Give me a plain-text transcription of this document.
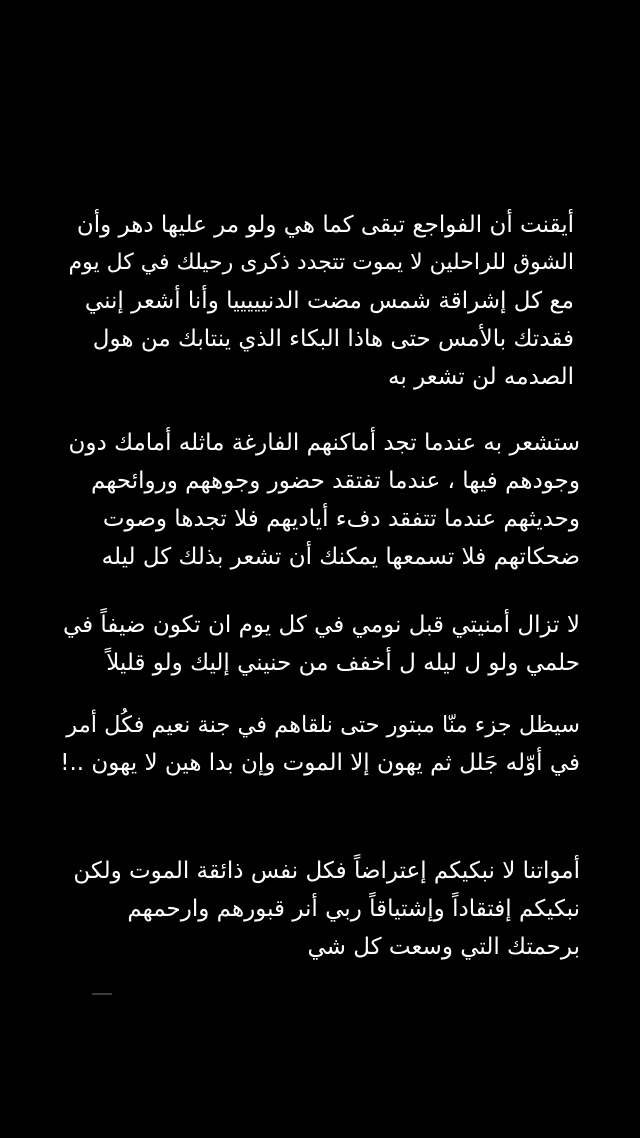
أيقنت أن الفواجع تبقى كما هي ولو مر عليها دهر وأن
الشوق للراحلين لا يموت تتجدد ذكرى رحيلك في كل يوم
مع كل إشراقة شمس مضت الدنيييييا وأنا أشعر إنني
فقدتك بالأمس حتى هاذا البكاء الذي ينتابك من هول
الصدمه لن تشعر به
ستشعر به عندما تجد أماكنهم الفارغة ماثله أمامك دون
وجودهم فيها ، عندما تفتقد حضور وجوههم وروائحهم
وحديثهم عندما تتفقد دفء أياديهم فلا تجدها وصوت
ضحكاتهم فلا تسمعها يمكنك أن تشعر بذلك كل ليله
لا تزال أمنيتي قبل نومي في كل يوم ان تكون ضيفاً في
حلمي ولو ل ليله ل أخفف من حنيني إليك ولو قليلاً
سيظل جزء منّا مبتور حتى نلقاهم في جنة نعيم فكُل أمر
في أوّله جَلل ثم يهون إلا الموت وإن بدا هين لا يهون ..!
أمواتنا لا نبكيكم إعتراضاً فكل نفس ذائقة الموت ولكن
نبكيكم إفتقاداً وإشتياقاً ربي أنر قبورهم وارحمهم
برحمتك التي وسعت كل شي
